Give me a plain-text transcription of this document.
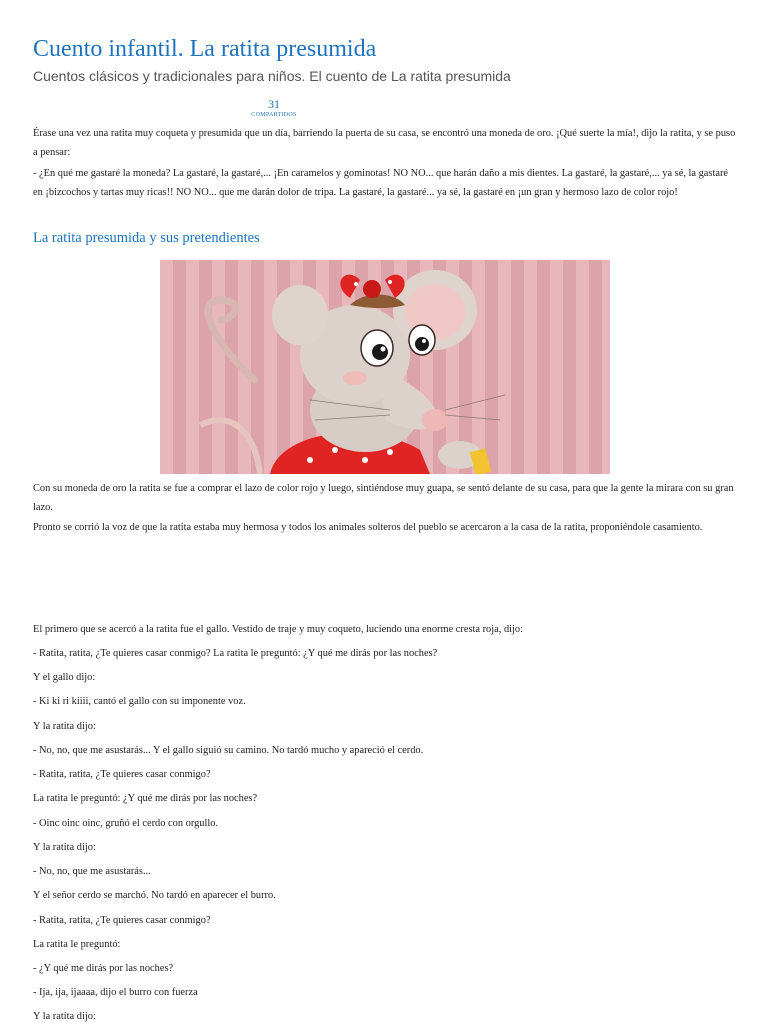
Cuento infantil. La ratita presumida

Cuentos clásicos y tradicionales para niños. El cuento de La ratita presumida

31
COMPARTIDOS

Érase una vez una ratita muy coqueta y presumida que un día, barriendo la puerta de su casa, se encontró una moneda de oro. ¡Qué suerte la mía!, dijo la ratita, y se puso a pensar:

- ¿En qué me gastaré la moneda? La gastaré, la gastaré,... ¡En caramelos y gominotas! NO NO... que harán daño a mis dientes. La gastaré, la gastaré,... ya sé, la gastaré en ¡bizcochos y tartas muy ricas!! NO NO... que me darán dolor de tripa. La gastaré, la gastaré... ya sé, la gastaré en ¡un gran y hermoso lazo de color rojo!

La ratita presumida y sus pretendientes

Con su moneda de oro la ratita se fue a comprar el lazo de color rojo y luego, sintiéndose muy guapa, se sentó delante de su casa, para que la gente la mirara con su gran lazo.

Pronto se corrió la voz de que la ratita estaba muy hermosa y todos los animales solteros del pueblo se acercaron a la casa de la ratita, proponiéndole casamiento.

El primero que se acercó a la ratita fue el gallo. Vestido de traje y muy coqueto, luciendo una enorme cresta roja, dijo:

- Ratita, ratita, ¿Te quieres casar conmigo? La ratita le preguntó: ¿Y qué me dirás por las noches?

Y el gallo dijo:

- Ki ki ri kiiii, cantó el gallo con su imponente voz.

Y la ratita dijo:

- No, no, que me asustarás... Y el gallo siguió su camino. No tardó mucho y apareció el cerdo.

- Ratita, ratita, ¿Te quieres casar conmigo?

La ratita le preguntó: ¿Y qué me dirás por las noches?

- Oinc oinc oinc, gruñó el cerdo con orgullo.

Y la ratita dijo:

- No, no, que me asustarás...

Y el señor cerdo se marchó. No tardó en aparecer el burro.

- Ratita, ratita, ¿Te quieres casar conmigo?

La ratita le preguntó:

- ¿Y qué me dirás por las noches?

- Ija, ija, ijaaaa, dijo el burro con fuerza

Y la ratita dijo:
